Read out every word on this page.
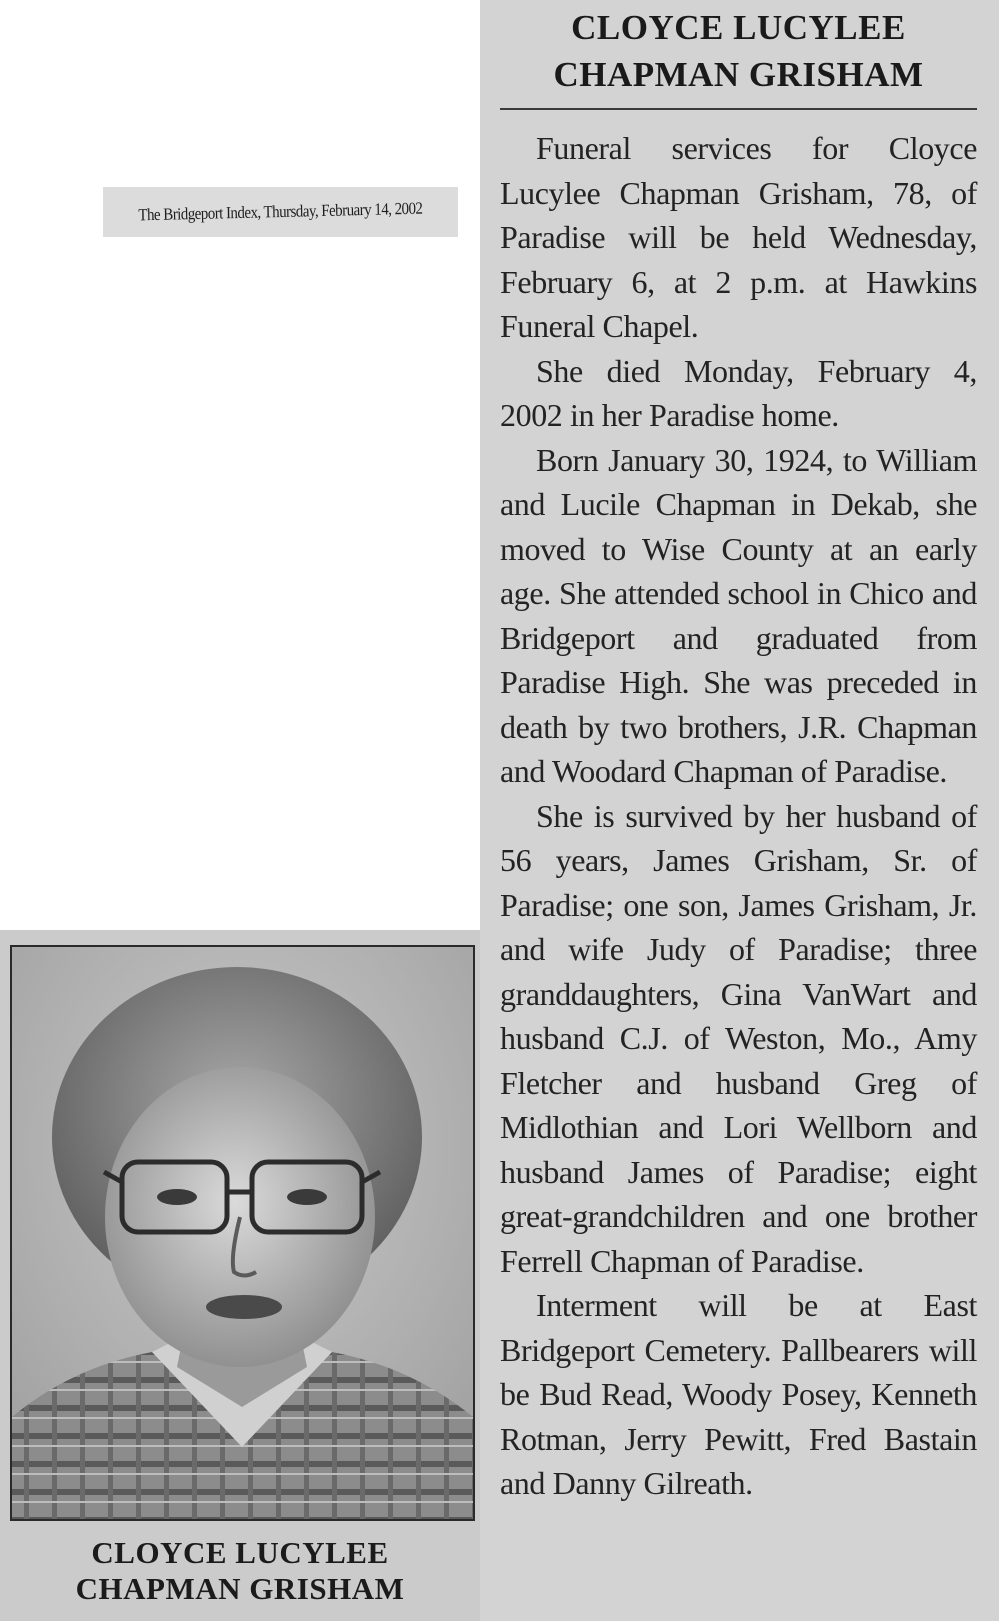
The Bridgeport Index, Thursday, February 14, 2002
CLOYCE LUCYLEE
CHAPMAN GRISHAM
CLOYCE LUCYLEE
CHAPMAN GRISHAM

Funeral services for Cloyce Lucylee Chapman Grisham, 78, of Paradise will be held Wednesday, February 6, at 2 p.m. at Hawkins Funeral Chapel.

She died Monday, February 4, 2002 in her Paradise home.

Born January 30, 1924, to William and Lucile Chapman in Dekab, she moved to Wise County at an early age. She attended school in Chico and Bridgeport and graduated from Paradise High. She was preceded in death by two brothers, J.R. Chapman and Woodard Chapman of Paradise.

She is survived by her husband of 56 years, James Grisham, Sr. of Paradise; one son, James Grisham, Jr. and wife Judy of Paradise; three granddaughters, Gina VanWart and husband C.J. of Weston, Mo., Amy Fletcher and husband Greg of Midlothian and Lori Wellborn and husband James of Paradise; eight great-grandchildren and one brother Ferrell Chapman of Paradise.

Interment will be at East Bridgeport Cemetery. Pallbearers will be Bud Read, Woody Posey, Kenneth Rotman, Jerry Pewitt, Fred Bastain and Danny Gilreath.
